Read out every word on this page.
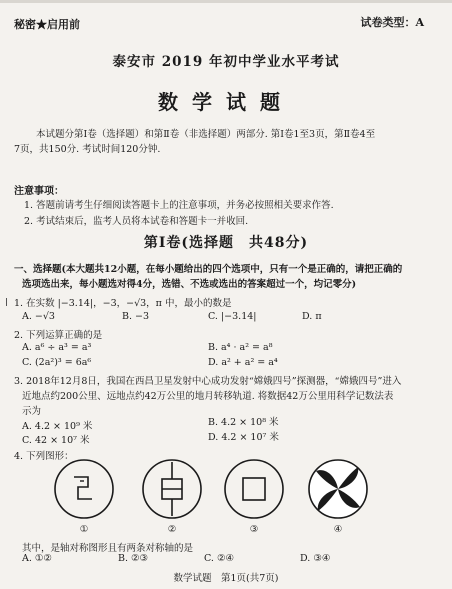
秘密★启用前	试卷类型：A
泰安市 2019 年初中学业水平考试
数学试题
本试题分第Ⅰ卷（选择题）和第Ⅱ卷（非选择题）两部分. 第Ⅰ卷1至3页，第Ⅱ卷4至
7页，共150分. 考试时间120分钟.
注意事项：
1. 答题前请考生仔细阅读答题卡上的注意事项，并务必按照相关要求作答.
2. 考试结束后，监考人员将本试卷和答题卡一并收回.
第Ⅰ卷(选择题　共48分)
一、选择题(本大题共12小题，在每小题给出的四个选项中，只有一个是正确的，请把正确的
选项选出来，每小题选对得4分，选错、不选或选出的答案超过一个，均记零分)
1. 在实数 |−3.14|，−3，−√3，π 中，最小的数是
A. −√3	B. −3	C. |−3.14|	D. π
2. 下列运算正确的是
A. a⁶ ÷ a³ = a³	B. a⁴ · a² = a⁸
C. (2a²)³ = 6a⁶	D. a² + a² = a⁴
3. 2018年12月8日，我国在西昌卫星发射中心成功发射“嫦娥四号”探测器，“嫦娥四号”进入
近地点约200公里、远地点约42万公里的地月转移轨道. 将数据42万公里用科学记数法表
示为
A. 4.2 × 10⁹ 米	B. 4.2 × 10⁸ 米
C. 42 × 10⁷ 米	D. 4.2 × 10⁷ 米
4. 下列图形：
①	②	③	④
其中，是轴对称图形且有两条对称轴的是
A. ①②	B. ②③	C. ②④	D. ③④
数学试题　第1页(共7页)
